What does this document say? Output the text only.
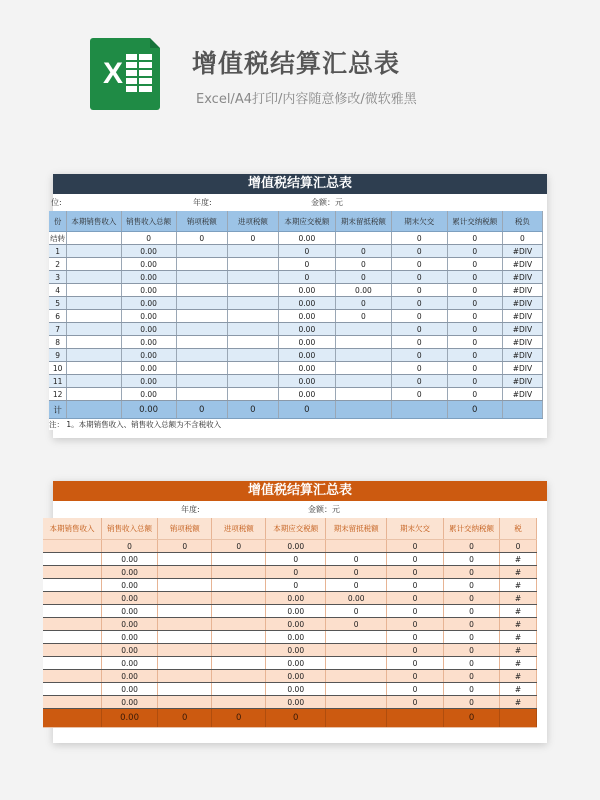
X	增值税结算汇总表
Excel/A4打印/内容随意修改/微软雅黑
增值税结算汇总表
位:	年度:	金额：元
份	本期销售收入	销售收入总额	销项税额	进项税额	本期应交税额	期末留抵税额	期末欠交	累计交纳税额	税负
结转		0	0	0	0.00		0	0	0
1		0.00			0	0	0	0	#DIV
2		0.00			0	0	0	0	#DIV
3		0.00			0	0	0	0	#DIV
4		0.00			0.00	0.00	0	0	#DIV
5		0.00			0.00	0	0	0	#DIV
6		0.00			0.00	0	0	0	#DIV
7		0.00			0.00		0	0	#DIV
8		0.00			0.00		0	0	#DIV
9		0.00			0.00		0	0	#DIV
10		0.00			0.00		0	0	#DIV
11		0.00			0.00		0	0	#DIV
12		0.00			0.00		0	0	#DIV
计		0.00	0	0	0			0	
注： 1。本期销售收入、销售收入总额为不含税收入									
增值税结算汇总表
年度:	金额：元
本期销售收入	销售收入总额	销项税额	进项税额	本期应交税额	期末留抵税额	期末欠交	累计交纳税额	税
	0	0	0	0.00		0	0	0
	0.00			0	0	0	0	#
	0.00			0	0	0	0	#
	0.00			0	0	0	0	#
	0.00			0.00	0.00	0	0	#
	0.00			0.00	0	0	0	#
	0.00			0.00	0	0	0	#
	0.00			0.00		0	0	#
	0.00			0.00		0	0	#
	0.00			0.00		0	0	#
	0.00			0.00		0	0	#
	0.00			0.00		0	0	#
	0.00			0.00		0	0	#
	0.00	0	0	0			0	
